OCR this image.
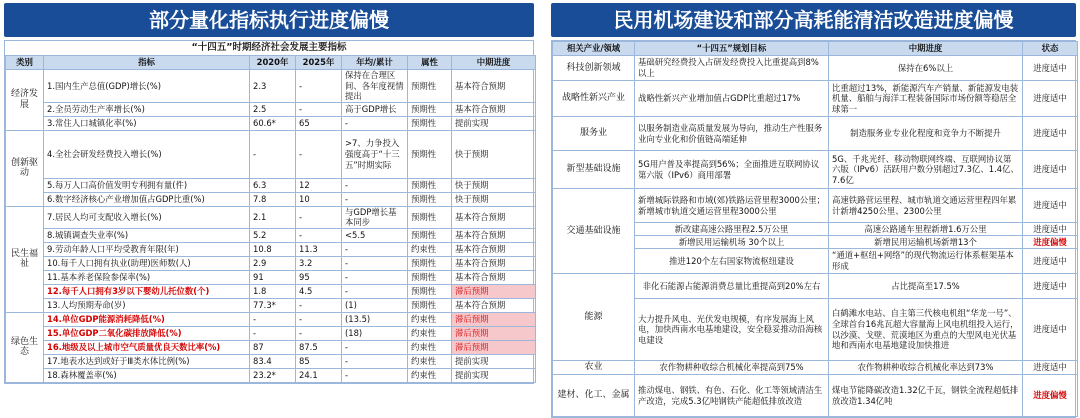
部分量化指标执行进度偏慢
“十四五”时期经济社会发展主要指标
类别	指标	2020年	2025年	年均/累计	属性	中期进度
经济发展	1.国内生产总值(GDP)增长(%)	2.3	-	保持在合理区间、各年度视情提出	预期性	基本符合预期
	2.全员劳动生产率增长(%)	2.5	-	高于GDP增长	预期性	基本符合预期
	3.常住人口城镇化率(%)	60.6*	65	-	预期性	提前实现
创新驱动	4.全社会研发经费投入增长(%)	-	-	>7、力争投入强度高于“十三五”时期实际	预期性	快于预期
	5.每万人口高价值发明专利拥有量(件)	6.3	12	-	预期性	快于预期
	6.数字经济核心产业增加值占GDP比重(%)	7.8	10	-	预期性	快于预期
民生福祉	7.居民人均可支配收入增长(%)	2.1	-	与GDP增长基本同步	预期性	基本符合预期
	8.城镇调查失业率(%)	5.2	-	<5.5	预期性	基本符合预期
	9.劳动年龄人口平均受教育年限(年)	10.8	11.3	-	约束性	基本符合预期
	10.每千人口拥有执业(助理)医师数(人)	2.9	3.2	-	预期性	基本符合预期
	11.基本养老保险参保率(%)	91	95	-	预期性	基本符合预期
	12.每千人口拥有3岁以下婴幼儿托位数(个)	1.8	4.5	-	预期性	滞后预期
	13.人均预期寿命(岁)	77.3*	-	(1)	预期性	基本符合预期
绿色生态	14.单位GDP能源消耗降低(%)	-	-	(13.5)	约束性	滞后预期
	15.单位GDP二氧化碳排放降低(%)	-	-	(18)	约束性	滞后预期
	16.地级及以上城市空气质量优良天数比率(%)	87	87.5	-	约束性	滞后预期
	17.地表水达到或好于Ⅲ类水体比例(%)	83.4	85	-	约束性	提前实现
	18.森林覆盖率(%)	23.2*	24.1	-	约束性	提前实现
民用机场建设和部分高耗能清洁改造进度偏慢
相关产业/领域	“十四五”规划目标	中期进度	状态
科技创新领域	基础研究经费投入占研发经费投入比重提高到8%以上	保持在6%以上	进度适中
战略性新兴产业	战略性新兴产业增加值占GDP比重超过17%	比重超过13%，新能源汽车产销量、新能源发电装机量、船舶与海洋工程装备国际市场份额等稳居全球第一	进度适中
服务业	以服务制造业高质量发展为导向，推动生产性服务业向专业化和价值链高端延伸	制造服务业专业化程度和竞争力不断提升	进度适中
新型基础设施	5G用户普及率提高到56%；全面推进互联网协议第六版（IPv6）商用部署	5G、千兆光纤、移动物联网终端、互联网协议第六版（IPv6）活跃用户数分别超过7.3亿、1.4亿、7.6亿	进度适中
交通基础设施	新增城际铁路和市域(郊)铁路运营里程3000公里；新增城市轨道交通运营里程3000公里	高速铁路营运里程、城市轨道交通运营里程四年累计新增4250公里、2300公里	进度适中
	新改建高速公路里程2.5万公里	高速公路通车里程新增1.6万公里	进度适中
	新增民用运输机场 30个以上	新增民用运输机场新增13个	进度偏慢
	推进120个左右国家物流枢纽建设	“通道+枢纽+网络”的现代物流运行体系框架基本形成	进度适中
能源	非化石能源占能源消费总量比重提高到20%左右	占比提高至17.5%	进度适中
	大力提升风电、光伏发电规模，有序发展海上风电，加快西南水电基地建设，安全稳妥推动沿海核电建设	白鹤滩水电站、自主第三代核电机组“华龙一号”、全球首台16兆瓦超大容量海上风电机组投入运行，以沙漠、戈壁、荒漠地区为重点的大型风电光伏基地和西南水电基地建设加快推进	进度适中
农业	农作物耕种收综合机械化率提高到75%	农作物耕种收综合机械化率达到73%	进度适中
建材、化工、金属	推动煤电、钢铁、有色、石化、化工等领域清洁生产改造，完成5.3亿吨钢铁产能超低排放改造	煤电节能降碳改造1.32亿千瓦，钢铁全流程超低排放改造1.34亿吨	进度偏慢
